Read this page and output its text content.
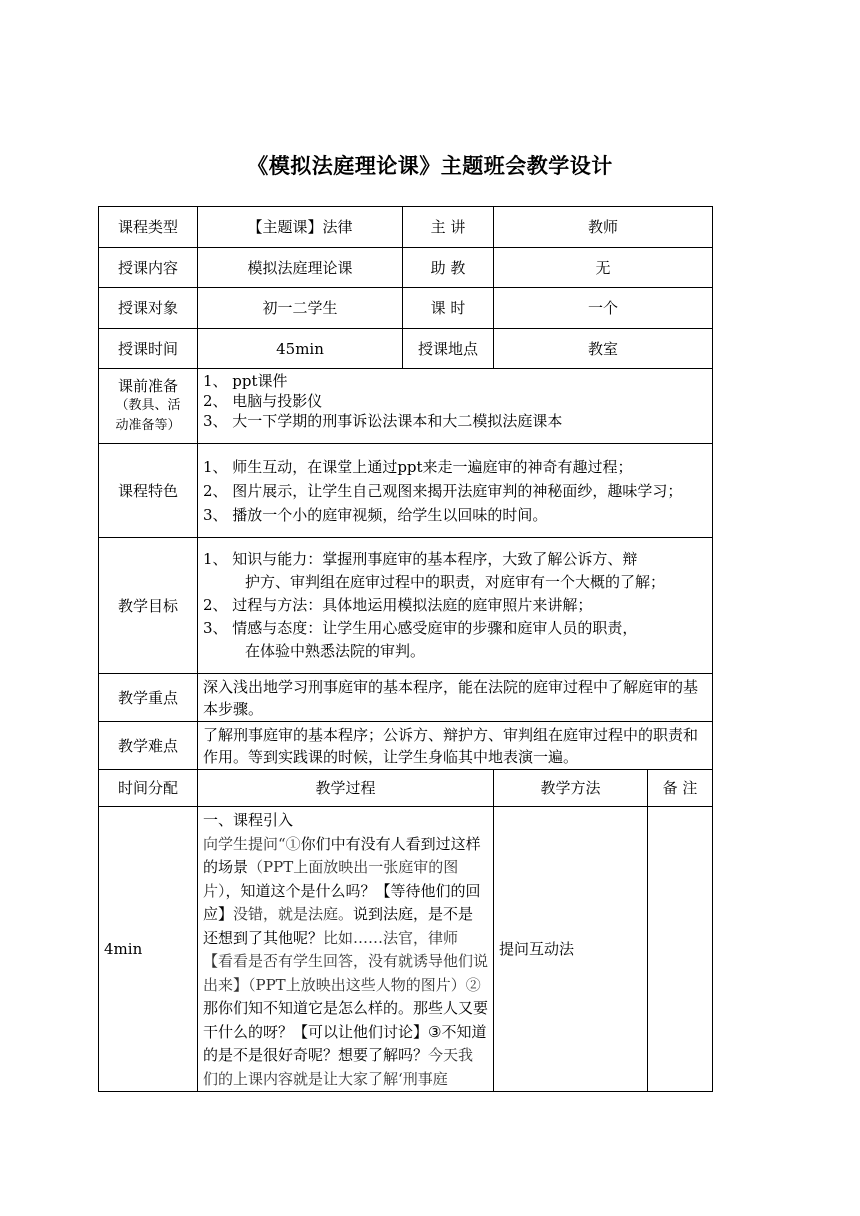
《模拟法庭理论课》主题班会教学设计
课程类型	【主题课】法律	主 讲	教师	
授课内容	模拟法庭理论课	助 教	无	
授课对象	初一二学生	课 时	一个	
授课时间	45min	授课地点	教室	

课前准备
（教具、活
动准备等）	1、 ppt课件
2、 电脑与投影仪
3、 大一下学期的刑事诉讼法课本和大二模拟法庭课本			

课程特色	1、 师生互动，在课堂上通过ppt来走一遍庭审的神奇有趣过程；
2、 图片展示，让学生自己观图来揭开法庭审判的神秘面纱，趣味学习；
3、 播放一个小的庭审视频，给学生以回味的时间。			

教学目标	1、 知识与能力：掌握刑事庭审的基本程序，大致了解公诉方、辩
护方、审判组在庭审过程中的职责，对庭审有一个大概的了解；
2、 过程与方法：具体地运用模拟法庭的庭审照片来讲解；
3、 情感与态度：让学生用心感受庭审的步骤和庭审人员的职责，
在体验中熟悉法院的审判。			

教学重点	深入浅出地学习刑事庭审的基本程序，能在法院的庭审过程中了解庭审的基本步骤。			
教学难点	了解刑事庭审的基本程序；公诉方、辩护方、审判组在庭审过程中的职责和作用。等到实践课的时候，让学生身临其中地表演一遍。			
时间分配	教学过程		教学方法	备 注
4min	一、课程引入
向学生提问“①你们中有没有人看到过这样的场景（PPT上面放映出一张庭审的图片），知道这个是什么吗？【等待他们的回应】没错，就是法庭。说到法庭，是不是还想到了其他呢？比如……法官，律师【看看是否有学生回答，没有就诱导他们说出来】（PPT上放映出这些人物的图片）②那你们知不知道它是怎么样的。那些人又要干什么的呀？【可以让他们讨论】③不知道的是不是很好奇呢？想要了解吗？今天我们的上课内容就是让大家了解‘刑事庭		提问互动法	
